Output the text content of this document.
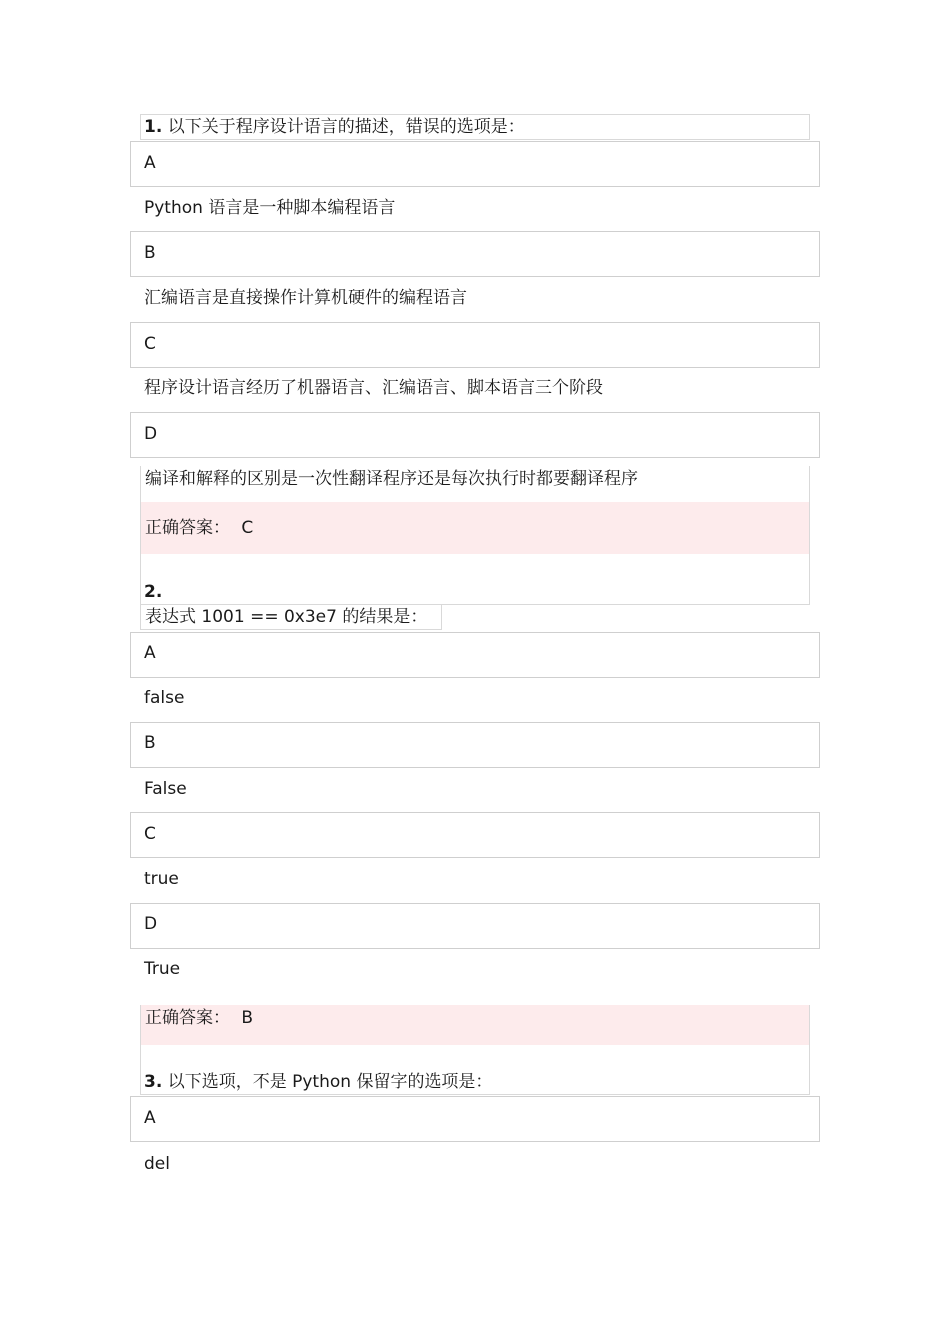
1. 以下关于程序设计语言的描述，错误的选项是：
A
Python 语言是一种脚本编程语言
B
汇编语言是直接操作计算机硬件的编程语言
C
程序设计语言经历了机器语言、汇编语言、脚本语言三个阶段
D
编译和解释的区别是一次性翻译程序还是每次执行时都要翻译程序
正确答案： C
2.
表达式 1001 == 0x3e7 的结果是：
A
false
B
False
C
true
D
True
正确答案： B
3. 以下选项，不是 Python 保留字的选项是：
A
del
